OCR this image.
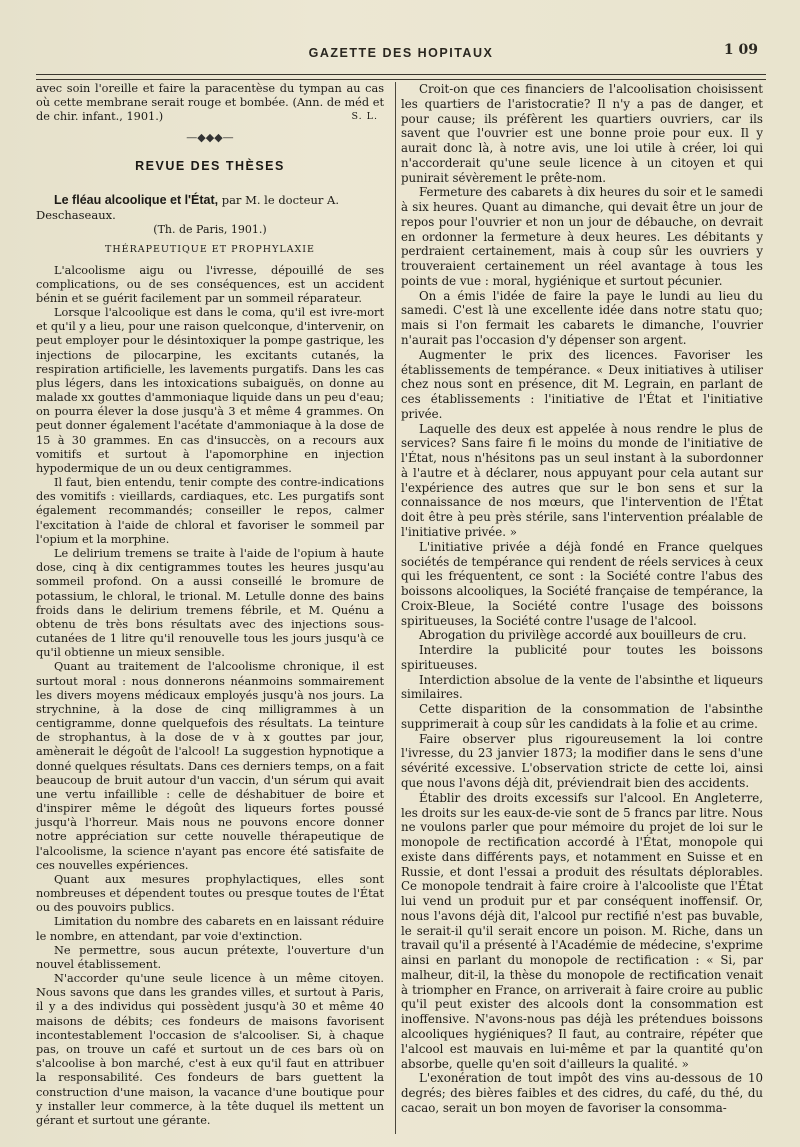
GAZETTE DES HOPITAUX	1 09

avec soin l'oreille et faire la paracentèse du tympan au cas où cette membrane serait rouge et bombée. (Ann. de méd et de chir. infant., 1901.)	S. L.

—◆◆◆—
REVUE DES THÈSES

Le fléau alcoolique et l'État, par M. le docteur A. Deschaseaux.

(Th. de Paris, 1901.)
THÉRAPEUTIQUE ET PROPHYLAXIE

L'alcoolisme aigu ou l'ivresse, dépouillé de ses complications, ou de ses conséquences, est un accident bénin et se guérit facilement par un sommeil réparateur.

Lorsque l'alcoolique est dans le coma, qu'il est ivre-mort et qu'il y a lieu, pour une raison quelconque, d'intervenir, on peut employer pour le désintoxiquer la pompe gastrique, les injections de pilocarpine, les excitants cutanés, la respiration artificielle, les lavements purgatifs. Dans les cas plus légers, dans les intoxications subaiguës, on donne au malade xx gouttes d'ammoniaque liquide dans un peu d'eau; on pourra élever la dose jusqu'à 3 et même 4 grammes. On peut donner également l'acétate d'ammoniaque à la dose de 15 à 30 grammes. En cas d'insuccès, on a recours aux vomitifs et surtout à l'apomorphine en injection hypodermique de un ou deux centigrammes.

Il faut, bien entendu, tenir compte des contre-indications des vomitifs : vieillards, cardiaques, etc. Les purgatifs sont également recommandés; conseiller le repos, calmer l'excitation à l'aide de chloral et favoriser le sommeil par l'opium et la morphine.

Le delirium tremens se traite à l'aide de l'opium à haute dose, cinq à dix centigrammes toutes les heures jusqu'au sommeil profond. On a aussi conseillé le bromure de potassium, le chloral, le trional. M. Letulle donne des bains froids dans le delirium tremens fébrile, et M. Quénu a obtenu de très bons résultats avec des injections sous-cutanées de 1 litre qu'il renouvelle tous les jours jusqu'à ce qu'il obtienne un mieux sensible.

Quant au traitement de l'alcoolisme chronique, il est surtout moral : nous donnerons néanmoins sommairement les divers moyens médicaux employés jusqu'à nos jours. La strychnine, à la dose de cinq milligrammes à un centigramme, donne quelquefois des résultats. La teinture de strophantus, à la dose de v à x gouttes par jour, amènerait le dégoût de l'alcool! La suggestion hypnotique a donné quelques résultats. Dans ces derniers temps, on a fait beaucoup de bruit autour d'un vaccin, d'un sérum qui avait une vertu infaillible : celle de déshabituer de boire et d'inspirer même le dégoût des liqueurs fortes poussé jusqu'à l'horreur. Mais nous ne pouvons encore donner notre appréciation sur cette nouvelle thérapeutique de l'alcoolisme, la science n'ayant pas encore été satisfaite de ces nouvelles expériences.

Quant aux mesures prophylactiques, elles sont nombreuses et dépendent toutes ou presque toutes de l'État ou des pouvoirs publics.

Limitation du nombre des cabarets en en laissant réduire le nombre, en attendant, par voie d'extinction.

Ne permettre, sous aucun prétexte, l'ouverture d'un nouvel établissement.

N'accorder qu'une seule licence à un même citoyen. Nous savons que dans les grandes villes, et surtout à Paris, il y a des individus qui possèdent jusqu'à 30 et même 40 maisons de débits; ces fondeurs de maisons favorisent incontestablement l'occasion de s'alcooliser. Si, à chaque pas, on trouve un café et surtout un de ces bars où on s'alcoolise à bon marché, c'est à eux qu'il faut en attribuer la responsabilité. Ces fondeurs de bars guettent la construction d'une maison, la vacance d'une boutique pour y installer leur commerce, à la tête duquel ils mettent un gérant et surtout une gérante.

Croit-on que ces financiers de l'alcoolisation choisissent les quartiers de l'aristocratie? Il n'y a pas de danger, et pour cause; ils préfèrent les quartiers ouvriers, car ils savent que l'ouvrier est une bonne proie pour eux. Il y aurait donc là, à notre avis, une loi utile à créer, loi qui n'accorderait qu'une seule licence à un citoyen et qui punirait sévèrement le prête-nom.

Fermeture des cabarets à dix heures du soir et le samedi à six heures. Quant au dimanche, qui devait être un jour de repos pour l'ouvrier et non un jour de débauche, on devrait en ordonner la fermeture à deux heures. Les débitants y perdraient certainement, mais à coup sûr les ouvriers y trouveraient certainement un réel avantage à tous les points de vue : moral, hygiénique et surtout pécunier.

On a émis l'idée de faire la paye le lundi au lieu du samedi. C'est là une excellente idée dans notre statu quo; mais si l'on fermait les cabarets le dimanche, l'ouvrier n'aurait pas l'occasion d'y dépenser son argent.

Augmenter le prix des licences. Favoriser les établissements de tempérance. « Deux initiatives à utiliser chez nous sont en présence, dit M. Legrain, en parlant de ces établissements : l'initiative de l'État et l'initiative privée.

Laquelle des deux est appelée à nous rendre le plus de services? Sans faire fi le moins du monde de l'initiative de l'État, nous n'hésitons pas un seul instant à la subordonner à l'autre et à déclarer, nous appuyant pour cela autant sur l'expérience des autres que sur le bon sens et sur la connaissance de nos mœurs, que l'intervention de l'État doit être à peu près stérile, sans l'intervention préalable de l'initiative privée. »

L'initiative privée a déjà fondé en France quelques sociétés de tempérance qui rendent de réels services à ceux qui les fréquentent, ce sont : la Société contre l'abus des boissons alcooliques, la Société française de tempérance, la Croix-Bleue, la Société contre l'usage des boissons spiritueuses, la Société contre l'usage de l'alcool.

Abrogation du privilège accordé aux bouilleurs de cru.

Interdire la publicité pour toutes les boissons spiritueuses.

Interdiction absolue de la vente de l'absinthe et liqueurs similaires.

Cette disparition de la consommation de l'absinthe supprimerait à coup sûr les candidats à la folie et au crime.

Faire observer plus rigoureusement la loi contre l'ivresse, du 23 janvier 1873; la modifier dans le sens d'une sévérité excessive. L'observation stricte de cette loi, ainsi que nous l'avons déjà dit, préviendrait bien des accidents.

Établir des droits excessifs sur l'alcool. En Angleterre, les droits sur les eaux-de-vie sont de 5 francs par litre. Nous ne voulons parler que pour mémoire du projet de loi sur le monopole de rectification accordé à l'État, monopole qui existe dans différents pays, et notamment en Suisse et en Russie, et dont l'essai a produit des résultats déplorables. Ce monopole tendrait à faire croire à l'alcooliste que l'État lui vend un produit pur et par conséquent inoffensif. Or, nous l'avons déjà dit, l'alcool pur rectifié n'est pas buvable, le serait-il qu'il serait encore un poison. M. Riche, dans un travail qu'il a présenté à l'Académie de médecine, s'exprime ainsi en parlant du monopole de rectification : « Si, par malheur, dit-il, la thèse du monopole de rectification venait à triompher en France, on arriverait à faire croire au public qu'il peut exister des alcools dont la consommation est inoffensive. N'avons-nous pas déjà les prétendues boissons alcooliques hygiéniques? Il faut, au contraire, répéter que l'alcool est mauvais en lui-même et par la quantité qu'on absorbe, quelle qu'en soit d'ailleurs la qualité. »

L'exonération de tout impôt des vins au-dessous de 10 degrés; des bières faibles et des cidres, du café, du thé, du cacao, serait un bon moyen de favoriser la consomma-
